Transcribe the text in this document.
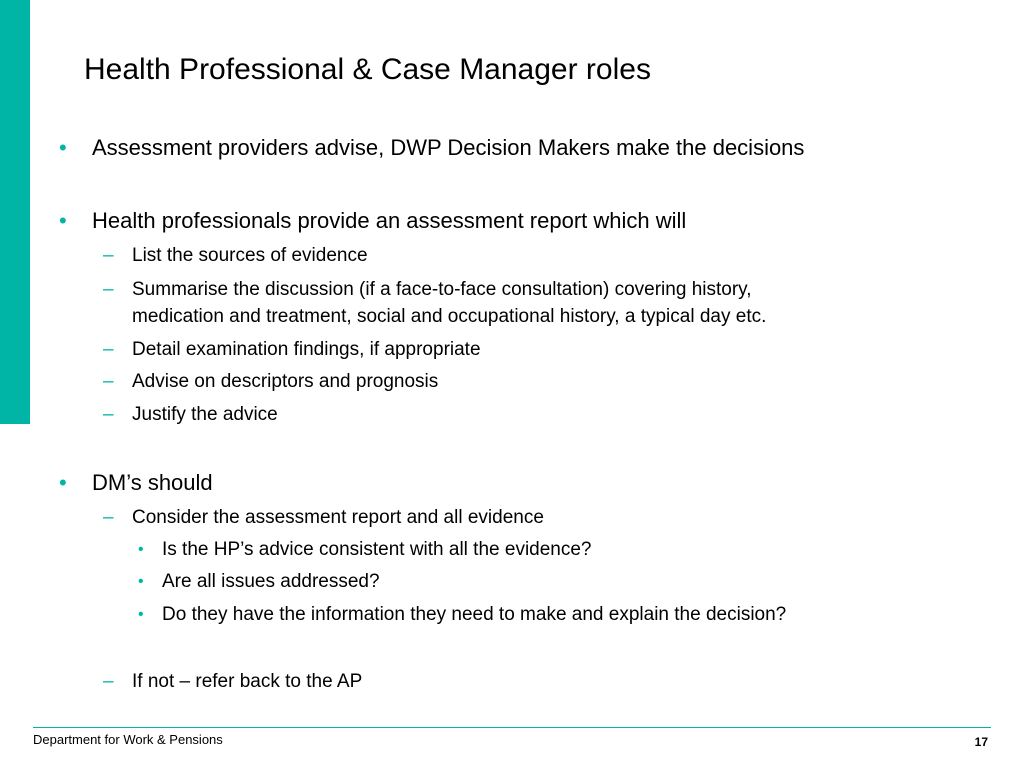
Health Professional & Case Manager roles
• Assessment providers advise, DWP Decision Makers make the decisions
• Health professionals provide an assessment report which will
– List the sources of evidence
– Summarise the discussion (if a face-to-face consultation) covering history,
medication and treatment, social and occupational history, a typical day etc.
– Detail examination findings, if appropriate
– Advise on descriptors and prognosis
– Justify the advice
• DM’s should
– Consider the assessment report and all evidence
• Is the HP’s advice consistent with all the evidence?
• Are all issues addressed?
• Do they have the information they need to make and explain the decision?
– If not – refer back to the AP
Department for Work & Pensions	17
